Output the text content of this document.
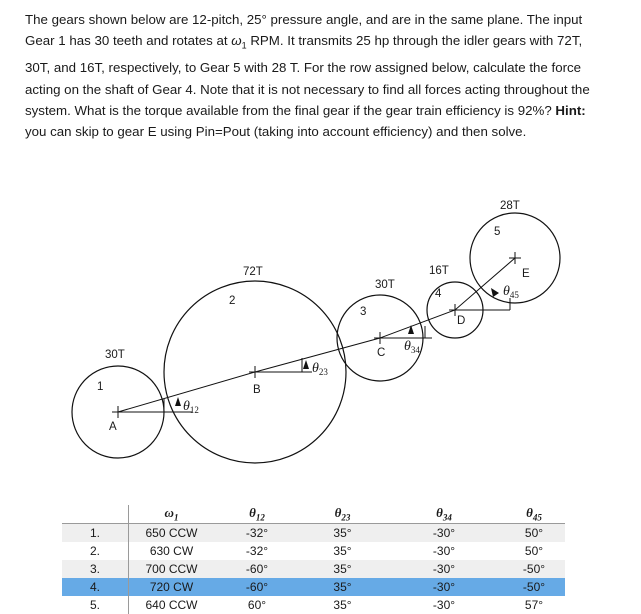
The gears shown below are 12-pitch, 25° pressure angle, and are in the same plane. The input Gear 1 has 30 teeth and rotates at $\omega_1$ RPM. It transmits 25 hp through the idler gears with 72T, 30T, and 16T, respectively, to Gear 5 with 28 T. For the row assigned below, calculate the force acting on the shaft of Gear 4. Note that it is not necessary to find all forces acting throughout the system. What is the torque available from the final gear if the gear train efficiency is 92%? Hint: you can skip to gear E using Pin=Pout (taking into account efficiency) and then solve.
30T
72T
30T
16T
28T
1
2
3
4
5
A
B
C
D
E
$\theta_{12}$
$\theta_{23}$
$\theta_{34}$
$\theta_{45}$
	$\omega_1$	$\theta_{12}$	$\theta_{23}$	$\theta_{34}$	$\theta_{45}$
1.	650 CCW	-32°	35°	-30°	50°
2.	630 CW	-32°	35°	-30°	50°
3.	700 CCW	-60°	35°	-30°	-50°
4.	720 CW	-60°	35°	-30°	-50°
5.	640 CCW	60°	35°	-30°	57°
